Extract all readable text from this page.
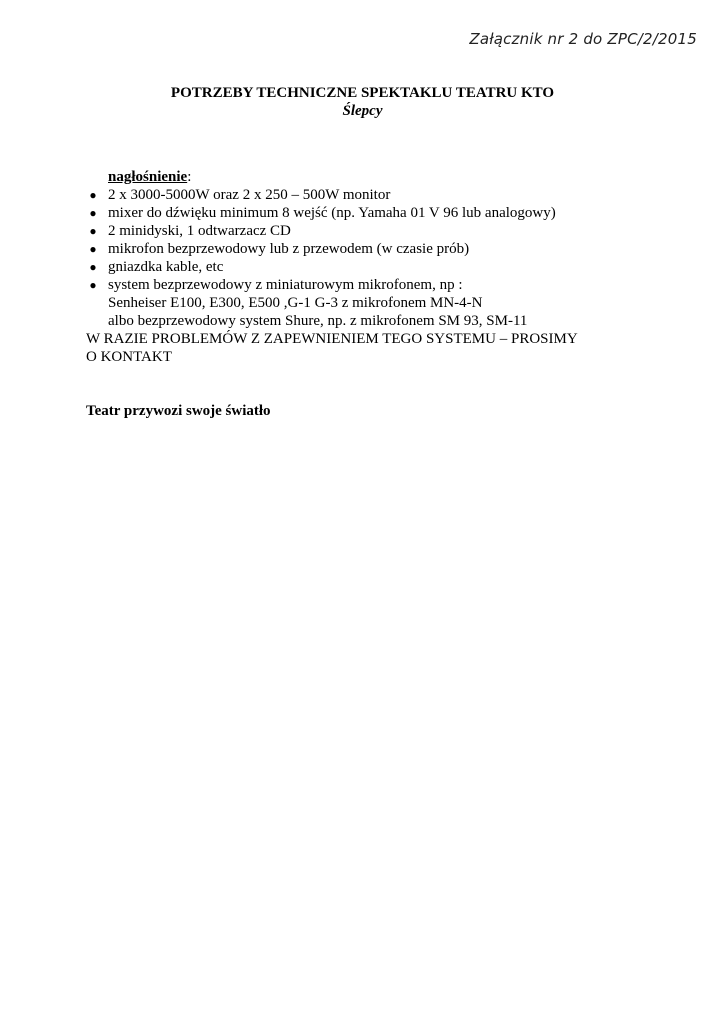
Załącznik nr 2 do ZPC/2/2015
POTRZEBY TECHNICZNE SPEKTAKLU TEATRU KTO
Ślepcy
nagłośnienie:
● 2 x 3000-5000W oraz 2 x 250 – 500W monitor
● mixer do dźwięku minimum 8 wejść (np. Yamaha 01 V 96 lub analogowy)
● 2 minidyski, 1 odtwarzacz CD
● mikrofon bezprzewodowy lub z przewodem (w czasie prób)
● gniazdka kable, etc
● system bezprzewodowy z miniaturowym mikrofonem, np :
Senheiser E100, E300, E500 ,G-1 G-3 z mikrofonem MN-4-N
albo bezprzewodowy system Shure, np. z mikrofonem SM 93, SM-11
W RAZIE PROBLEMÓW Z ZAPEWNIENIEM TEGO SYSTEMU – PROSIMY O KONTAKT
Teatr przywozi swoje światło
